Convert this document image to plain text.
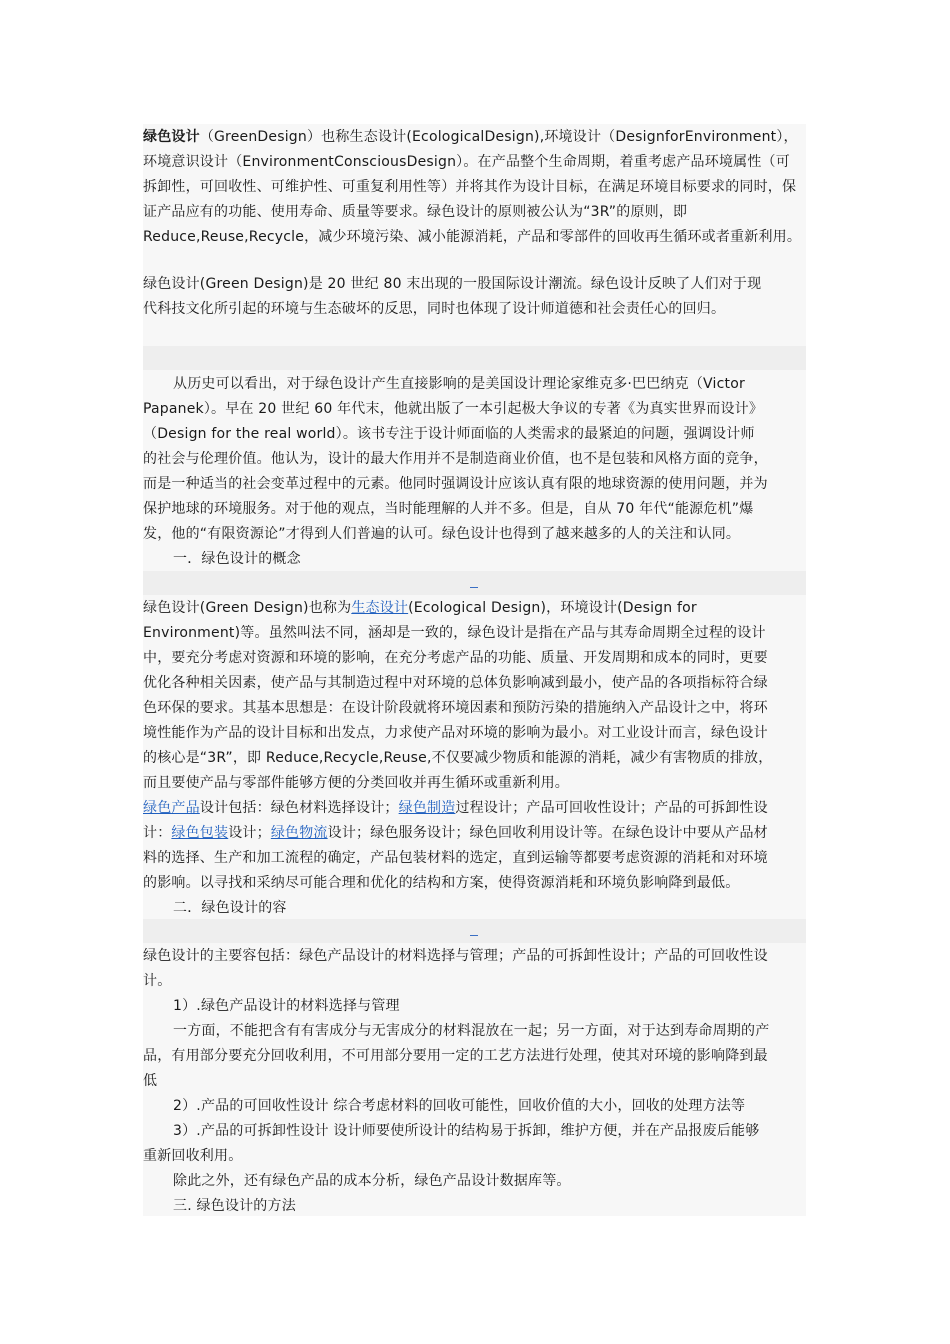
绿色设计（GreenDesign）也称生态设计(EcologicalDesign),环境设计（DesignforEnvironment），
环境意识设计（EnvironmentConsciousDesign）。在产品整个生命周期，着重考虑产品环境属性（可
拆卸性，可回收性、可维护性、可重复利用性等）并将其作为设计目标，在满足环境目标要求的同时，保
证产品应有的功能、使用寿命、质量等要求。绿色设计的原则被公认为“3R”的原则，即
Reduce,Reuse,Recycle，减少环境污染、减小能源消耗，产品和零部件的回收再生循环或者重新利用。
绿色设计(Green Design)是 20 世纪 80 末出现的一股国际设计潮流。绿色设计反映了人们对于现
代科技文化所引起的环境与生态破坏的反思，同时也体现了设计师道德和社会责任心的回归。
从历史可以看出，对于绿色设计产生直接影响的是美国设计理论家维克多·巴巴纳克（Victor
Papanek）。早在 20 世纪 60 年代末，他就出版了一本引起极大争议的专著《为真实世界而设计》
（Design for the real world）。该书专注于设计师面临的人类需求的最紧迫的问题，强调设计师
的社会与伦理价值。他认为，设计的最大作用并不是制造商业价值，也不是包装和风格方面的竞争，
而是一种适当的社会变革过程中的元素。他同时强调设计应该认真有限的地球资源的使用问题，并为
保护地球的环境服务。对于他的观点，当时能理解的人并不多。但是，自从 70 年代“能源危机”爆
发，他的“有限资源论”才得到人们普遍的认可。绿色设计也得到了越来越多的人的关注和认同。
一．绿色设计的概念
绿色设计(Green Design)也称为生态设计(Ecological Design)，环境设计(Design for
Environment)等。虽然叫法不同，涵却是一致的，绿色设计是指在产品与其寿命周期全过程的设计
中，要充分考虑对资源和环境的影响，在充分考虑产品的功能、质量、开发周期和成本的同时，更要
优化各种相关因素，使产品与其制造过程中对环境的总体负影响减到最小，使产品的各项指标符合绿
色环保的要求。其基本思想是：在设计阶段就将环境因素和预防污染的措施纳入产品设计之中，将环
境性能作为产品的设计目标和出发点，力求使产品对环境的影响为最小。对工业设计而言，绿色设计
的核心是“3R”，即 Reduce,Recycle,Reuse,不仅要减少物质和能源的消耗，减少有害物质的排放，
而且要使产品与零部件能够方便的分类回收并再生循环或重新利用。
绿色产品设计包括：绿色材料选择设计；绿色制造过程设计；产品可回收性设计；产品的可拆卸性设
计：绿色包装设计；绿色物流设计；绿色服务设计；绿色回收利用设计等。在绿色设计中要从产品材
料的选择、生产和加工流程的确定，产品包装材料的选定，直到运输等都要考虑资源的消耗和对环境
的影响。以寻找和采纳尽可能合理和优化的结构和方案，使得资源消耗和环境负影响降到最低。
二．绿色设计的容
绿色设计的主要容包括：绿色产品设计的材料选择与管理；产品的可拆卸性设计；产品的可回收性设
计。
1）.绿色产品设计的材料选择与管理
一方面，不能把含有有害成分与无害成分的材料混放在一起；另一方面，对于达到寿命周期的产
品，有用部分要充分回收利用，不可用部分要用一定的工艺方法进行处理，使其对环境的影响降到最
低
2）.产品的可回收性设计 综合考虑材料的回收可能性，回收价值的大小，回收的处理方法等
3）.产品的可拆卸性设计 设计师要使所设计的结构易于拆卸，维护方便，并在产品报废后能够
重新回收利用。
除此之外，还有绿色产品的成本分析，绿色产品设计数据库等。
三. 绿色设计的方法
